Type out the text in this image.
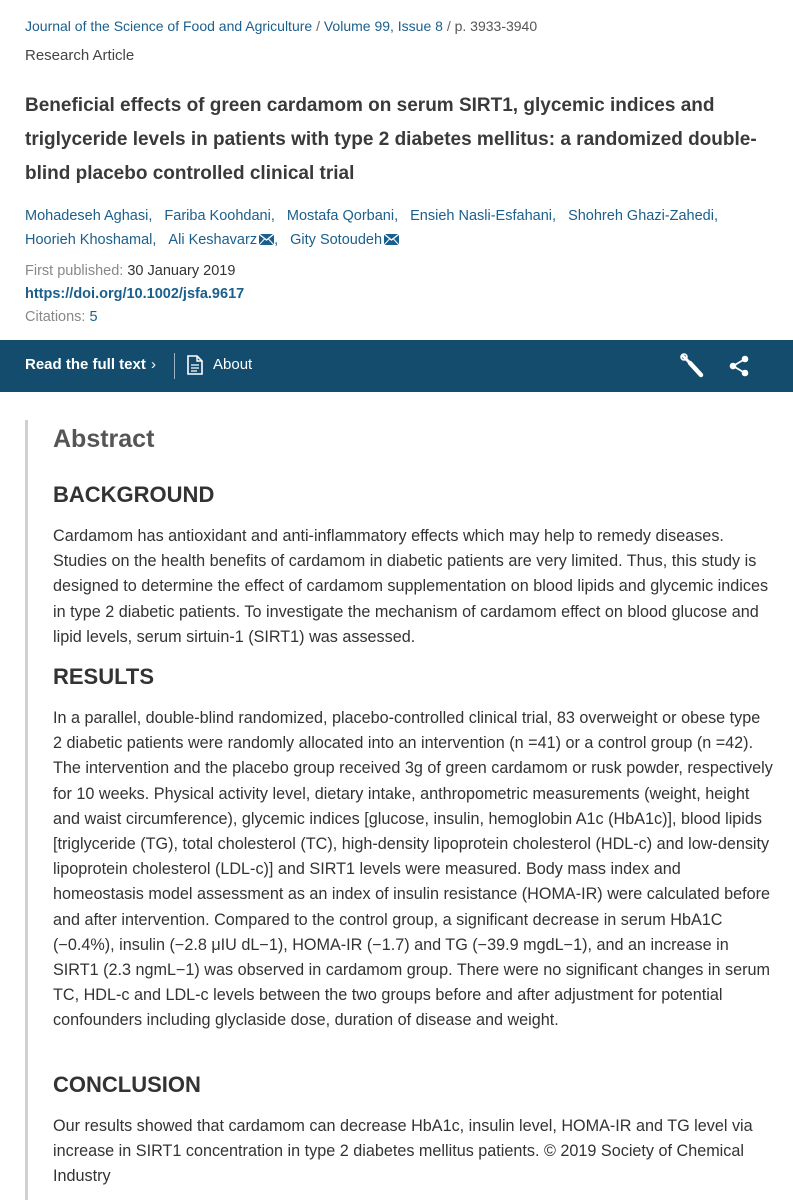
Journal of the Science of Food and Agriculture / Volume 99, Issue 8 / p. 3933-3940
Research Article
Beneficial effects of green cardamom on serum SIRT1, glycemic indices and triglyceride levels in patients with type 2 diabetes mellitus: a randomized double-blind placebo controlled clinical trial
Mohadeseh Aghasi, Fariba Koohdani, Mostafa Qorbani, Ensieh Nasli-Esfahani, Shohreh Ghazi-Zahedi,
Hoorieh Khoshamal, Ali Keshavarz , Gity Sotoudeh
First published: 30 January 2019
https://doi.org/10.1002/jsfa.9617
Citations: 5
Read the full text ›	About
Abstract
BACKGROUND

Cardamom has antioxidant and anti-inflammatory effects which may help to remedy diseases. Studies on the health benefits of cardamom in diabetic patients are very limited. Thus, this study is designed to determine the effect of cardamom supplementation on blood lipids and glycemic indices in type 2 diabetic patients. To investigate the mechanism of cardamom effect on blood glucose and lipid levels, serum sirtuin-1 (SIRT1) was assessed.

RESULTS

In a parallel, double-blind randomized, placebo-controlled clinical trial, 83 overweight or obese type 2 diabetic patients were randomly allocated into an intervention (n =41) or a control group (n =42). The intervention and the placebo group received 3g of green cardamom or rusk powder, respectively for 10 weeks. Physical activity level, dietary intake, anthropometric measurements (weight, height and waist circumference), glycemic indices [glucose, insulin, hemoglobin A1c (HbA1c)], blood lipids [triglyceride (TG), total cholesterol (TC), high-density lipoprotein cholesterol (HDL-c) and low-density lipoprotein cholesterol (LDL-c)] and SIRT1 levels were measured. Body mass index and homeostasis model assessment as an index of insulin resistance (HOMA-IR) were calculated before and after intervention. Compared to the control group, a significant decrease in serum HbA1C (−0.4%), insulin (−2.8 μIU dL−1), HOMA-IR (−1.7) and TG (−39.9 mgdL−1), and an increase in SIRT1 (2.3 ngmL−1) was observed in cardamom group. There were no significant changes in serum TC, HDL-c and LDL-c levels between the two groups before and after adjustment for potential confounders including glyclaside dose, duration of disease and weight.

CONCLUSION

Our results showed that cardamom can decrease HbA1c, insulin level, HOMA-IR and TG level via increase in SIRT1 concentration in type 2 diabetes mellitus patients. © 2019 Society of Chemical Industry
